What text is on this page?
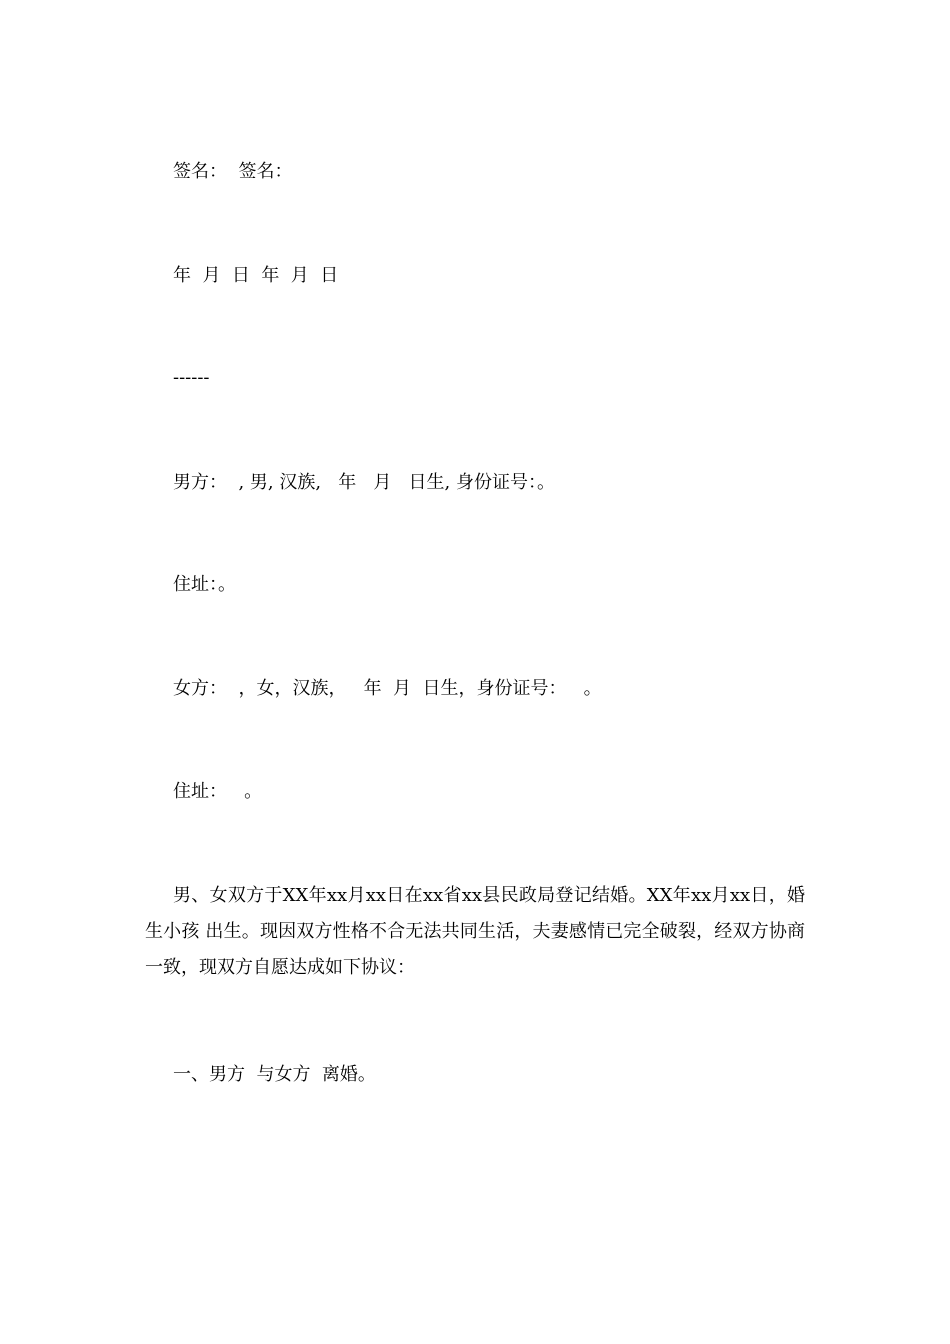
签名：  签名：
年  月  日  年  月  日
------
男方：  , 男, 汉族,   年   月   日生, 身份证号：。
住址：。
女方：  ，女，汉族，   年  月  日生，身份证号：   。
住址：   。
男、女双方于XX年xx月xx日在xx省xx县民政局登记结婚。XX年xx月xx日，婚生小孩 出生。现因双方性格不合无法共同生活，夫妻感情已完全破裂，经双方协商一致，现双方自愿达成如下协议：
一、男方  与女方  离婚。
